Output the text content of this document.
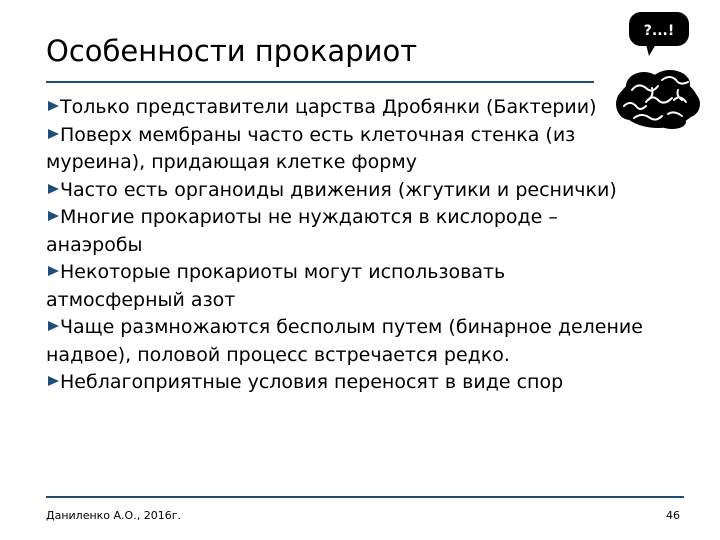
Особенности прокариот
Только представители царства Дробянки (Бактерии)
Поверх мембраны часто есть клеточная стенка (из муреина), придающая клетке форму
Часто есть органоиды движения (жгутики и реснички)
Многие прокариоты не нуждаются в кислороде – анаэробы
Некоторые прокариоты могут использовать атмосферный азот
Чаще размножаются бесполым путем (бинарное деление надвое), половой процесс встречается редко.
Неблагоприятные условия переносят в виде спор
Даниленко А.О., 2016г.	46
?...!
